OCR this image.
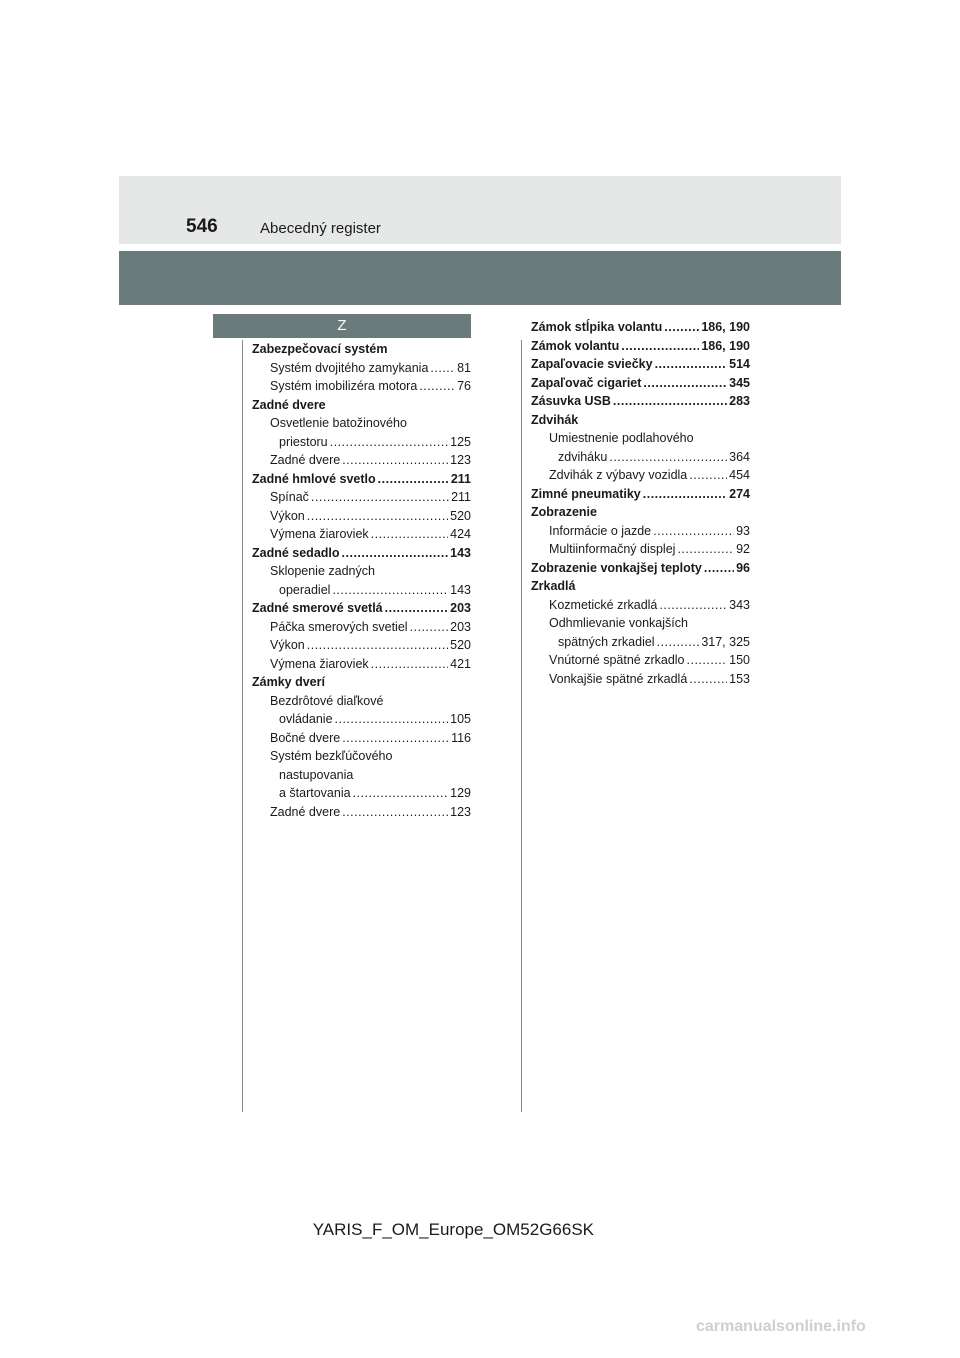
546	Abecedný register
Z
Zabezpečovací systém
Systém dvojitého zamykania ..... 81
Systém imobilizéra motora .....	76
Zadné dvere
Osvetlenie batožinového
priestoru .....	125
Zadné dvere .....	123
Zadné hmlové svetlo .....	211
Spínač .....	211
Výkon .....	520
Výmena žiaroviek .....	424
Zadné sedadlo .....	143
Sklopenie zadných
operadiel .....	143
Zadné smerové svetlá .....	203
Páčka smerových svetiel .....	203
Výkon .....	520
Výmena žiaroviek .....	421
Zámky dverí
Bezdrôtové diaľkové
ovládanie .....	105
Bočné dvere .....	116
Systém bezkľúčového
nastupovania
a štartovania .....	129
Zadné dvere .....	123
Zámok stĺpika volantu .....	186, 190
Zámok volantu .....	186, 190
Zapaľovacie sviečky .....	514
Zapaľovač cigariet .....	345
Zásuvka USB .....	283
Zdvihák
Umiestnenie podlahového
zdviháku .....	364
Zdvihák z výbavy vozidla .....	454
Zimné pneumatiky .....	274
Zobrazenie
Informácie o jazde .....	93
Multiinformačný displej .....	92
Zobrazenie vonkajšej teploty .....	96
Zrkadlá
Kozmetické zrkadlá .....	343
Odhmlievanie vonkajších
spätných zrkadiel .....	317, 325
Vnútorné spätné zrkadlo .....	150
Vonkajšie spätné zrkadlá .....	153
YARIS_F_OM_Europe_OM52G66SK
carmanualsonline.info
